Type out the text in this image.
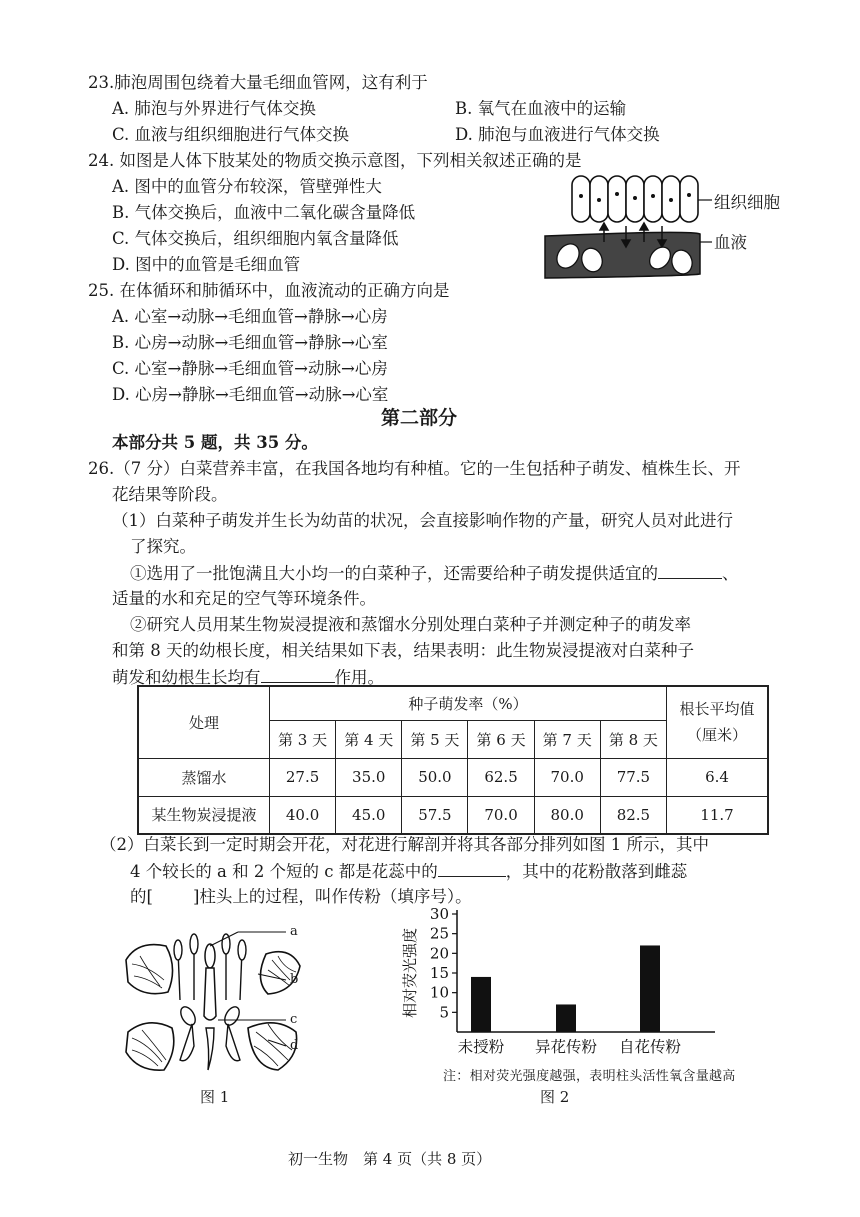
23.肺泡周围包绕着大量毛细血管网，这有利于
A. 肺泡与外界进行气体交换	B. 氧气在血液中的运输
C. 血液与组织细胞进行气体交换	D. 肺泡与血液进行气体交换
24. 如图是人体下肢某处的物质交换示意图，下列相关叙述正确的是
A. 图中的血管分布较深，管壁弹性大
B. 气体交换后，血液中二氧化碳含量降低
C. 气体交换后，组织细胞内氧含量降低
D. 图中的血管是毛细血管
组织细胞
血液
25. 在体循环和肺循环中，血液流动的正确方向是
A. 心室→动脉→毛细血管→静脉→心房
B. 心房→动脉→毛细血管→静脉→心室
C. 心室→静脉→毛细血管→动脉→心房
D. 心房→静脉→毛细血管→动脉→心室
第二部分
本部分共 5 题，共 35 分。
26.（7 分）白菜营养丰富，在我国各地均有种植。它的一生包括种子萌发、植株生长、开
花结果等阶段。
（1）白菜种子萌发并生长为幼苗的状况，会直接影响作物的产量，研究人员对此进行
了探究。
①选用了一批饱满且大小均一的白菜种子，还需要给种子萌发提供适宜的	、
适量的水和充足的空气等环境条件。
②研究人员用某生物炭浸提液和蒸馏水分别处理白菜种子并测定种子的萌发率
和第 8 天的幼根长度，相关结果如下表，结果表明：此生物炭浸提液对白菜种子
萌发和幼根生长均有	作用。
处理	种子萌发率（%）						根长平均值
（厘米）
	第 3 天	第 4 天	第 5 天	第 6 天	第 7 天	第 8 天	
蒸馏水	27.5	35.0	50.0	62.5	70.0	77.5	6.4
某生物炭浸提液	40.0	45.0	57.5	70.0	80.0	82.5	11.7
（2）白菜长到一定时期会开花，对花进行解剖并将其各部分排列如图 1 所示，其中
4 个较长的 a 和 2 个短的 c 都是花蕊中的	，其中的花粉散落到雌蕊
的[ ]柱头上的过程，叫作传粉（填序号）。
a
b
c
d
图 1
5
10
15
20
25
30
相对荧光强度
未授粉 异花传粉 自花传粉
注：相对荧光强度越强，表明柱头活性氧含量越高
图 2
初一生物　第 4 页（共 8 页）
